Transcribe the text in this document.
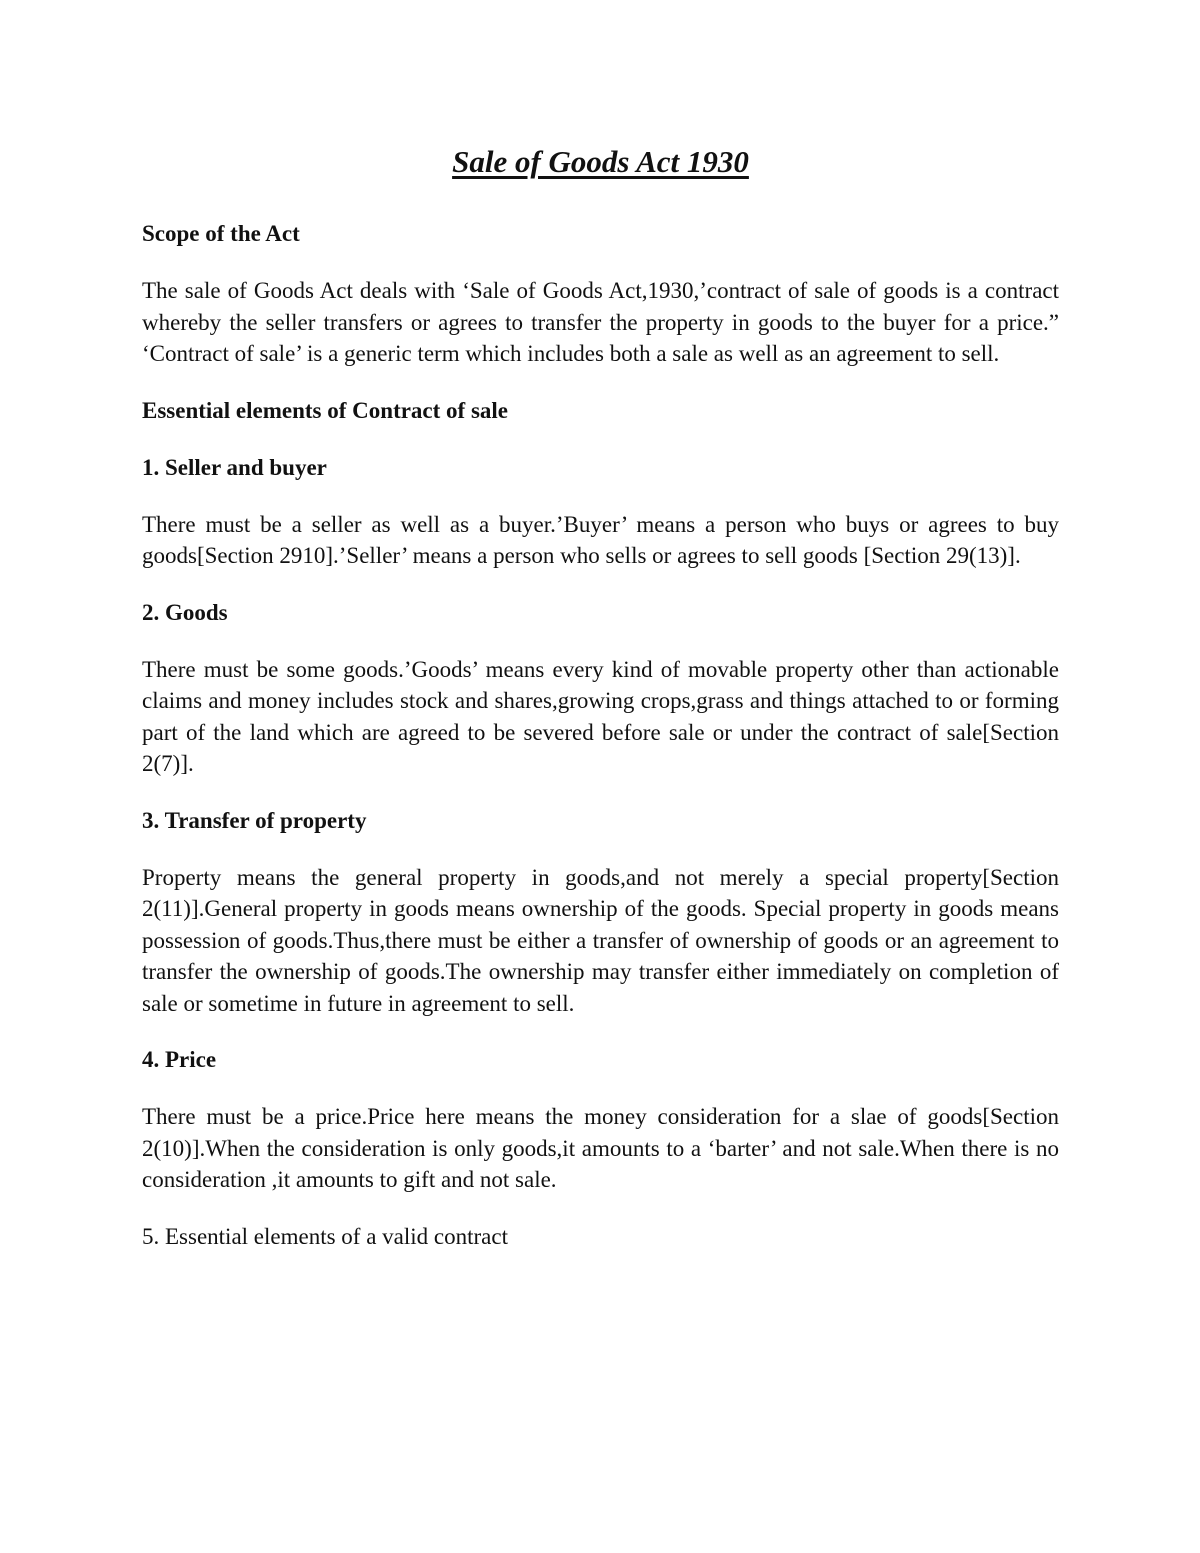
Sale of Goods Act 1930
Scope of the Act

The sale of Goods Act deals with ‘Sale of Goods Act,1930,’contract of sale of goods is a contract whereby the seller transfers or agrees to transfer the property in goods to the buyer for a price.” ‘Contract of sale’ is a generic term which includes both a sale as well as an agreement to sell.

Essential elements of Contract of sale
1. Seller and buyer

There must be a seller as well as a buyer.’Buyer’ means a person who buys or agrees to buy goods[Section 2910].’Seller’ means a person who sells or agrees to sell goods [Section 29(13)].

2. Goods

There must be some goods.’Goods’ means every kind of movable property other than actionable claims and money includes stock and shares,growing crops,grass and things attached to or forming part of the land which are agreed to be severed before sale or under the contract of sale[Section 2(7)].

3. Transfer of property

Property means the general property in goods,and not merely a special property[Section 2(11)].General property in goods means ownership of the goods. Special property in goods means possession of goods.Thus,there must be either a transfer of ownership of goods or an agreement to transfer the ownership of goods.The ownership may transfer either immediately on completion of sale or sometime in future in agreement to sell.

4. Price

There must be a price.Price here means the money consideration for a slae of goods[Section 2(10)].When the consideration is only goods,it amounts to a ‘barter’ and not sale.When there is no consideration ,it amounts to gift and not sale.

5. Essential elements of a valid contract
